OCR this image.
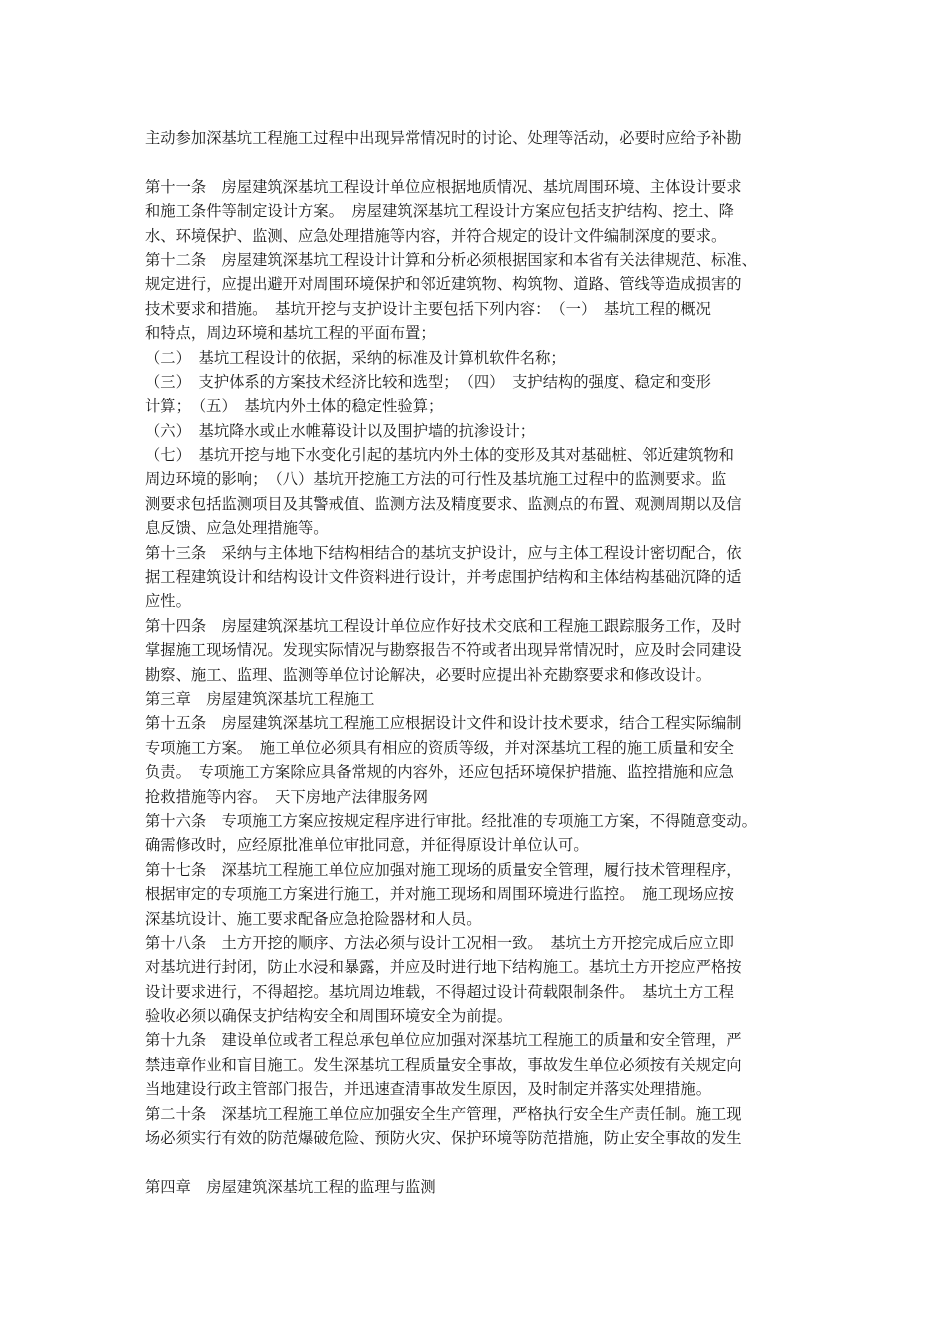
主动参加深基坑工程施工过程中出现异常情况时的讨论、处理等活动，必要时应给予补勘
第十一条　房屋建筑深基坑工程设计单位应根据地质情况、基坑周围环境、主体设计要求
和施工条件等制定设计方案。　房屋建筑深基坑工程设计方案应包括支护结构、挖土、降
水、环境保护、监测、应急处理措施等内容，并符合规定的设计文件编制深度的要求。
第十二条　房屋建筑深基坑工程设计计算和分析必须根据国家和本省有关法律规范、标准、
规定进行，应提出避开对周围环境保护和邻近建筑物、构筑物、道路、管线等造成损害的
技术要求和措施。　基坑开挖与支护设计主要包括下列内容：　（一）　基坑工程的概况
和特点，周边环境和基坑工程的平面布置；
（二）　基坑工程设计的依据，采纳的标准及计算机软件名称；
（三）　支护体系的方案技术经济比较和选型；　（四）　支护结构的强度、稳定和变形
计算；　（五）　基坑内外土体的稳定性验算；
（六）　基坑降水或止水帷幕设计以及围护墙的抗渗设计；
（七）　基坑开挖与地下水变化引起的基坑内外土体的变形及其对基础桩、邻近建筑物和
周边环境的影响；　（八）基坑开挖施工方法的可行性及基坑施工过程中的监测要求。监
测要求包括监测项目及其警戒值、监测方法及精度要求、监测点的布置、观测周期以及信
息反馈、应急处理措施等。
第十三条　采纳与主体地下结构相结合的基坑支护设计，应与主体工程设计密切配合，依
据工程建筑设计和结构设计文件资料进行设计，并考虑围护结构和主体结构基础沉降的适
应性。
第十四条　房屋建筑深基坑工程设计单位应作好技术交底和工程施工跟踪服务工作，及时
掌握施工现场情况。发现实际情况与勘察报告不符或者出现异常情况时，应及时会同建设
勘察、施工、监理、监测等单位讨论解决，必要时应提出补充勘察要求和修改设计。
第三章　房屋建筑深基坑工程施工
第十五条　房屋建筑深基坑工程施工应根据设计文件和设计技术要求，结合工程实际编制
专项施工方案。　施工单位必须具有相应的资质等级，并对深基坑工程的施工质量和安全
负责。　专项施工方案除应具备常规的内容外，还应包括环境保护措施、监控措施和应急
抢救措施等内容。　天下房地产法律服务网
第十六条　专项施工方案应按规定程序进行审批。经批准的专项施工方案，不得随意变动。
确需修改时，应经原批准单位审批同意，并征得原设计单位认可。
第十七条　深基坑工程施工单位应加强对施工现场的质量安全管理，履行技术管理程序，
根据审定的专项施工方案进行施工，并对施工现场和周围环境进行监控。　施工现场应按
深基坑设计、施工要求配备应急抢险器材和人员。
第十八条　土方开挖的顺序、方法必须与设计工况相一致。　基坑土方开挖完成后应立即
对基坑进行封闭，防止水浸和暴露，并应及时进行地下结构施工。基坑土方开挖应严格按
设计要求进行，不得超挖。基坑周边堆载，不得超过设计荷载限制条件。　基坑土方工程
验收必须以确保支护结构安全和周围环境安全为前提。
第十九条　建设单位或者工程总承包单位应加强对深基坑工程施工的质量和安全管理，严
禁违章作业和盲目施工。发生深基坑工程质量安全事故，事故发生单位必须按有关规定向
当地建设行政主管部门报告，并迅速查清事故发生原因，及时制定并落实处理措施。
第二十条　深基坑工程施工单位应加强安全生产管理，严格执行安全生产责任制。施工现
场必须实行有效的防范爆破危险、预防火灾、保护环境等防范措施，防止安全事故的发生
第四章　房屋建筑深基坑工程的监理与监测
